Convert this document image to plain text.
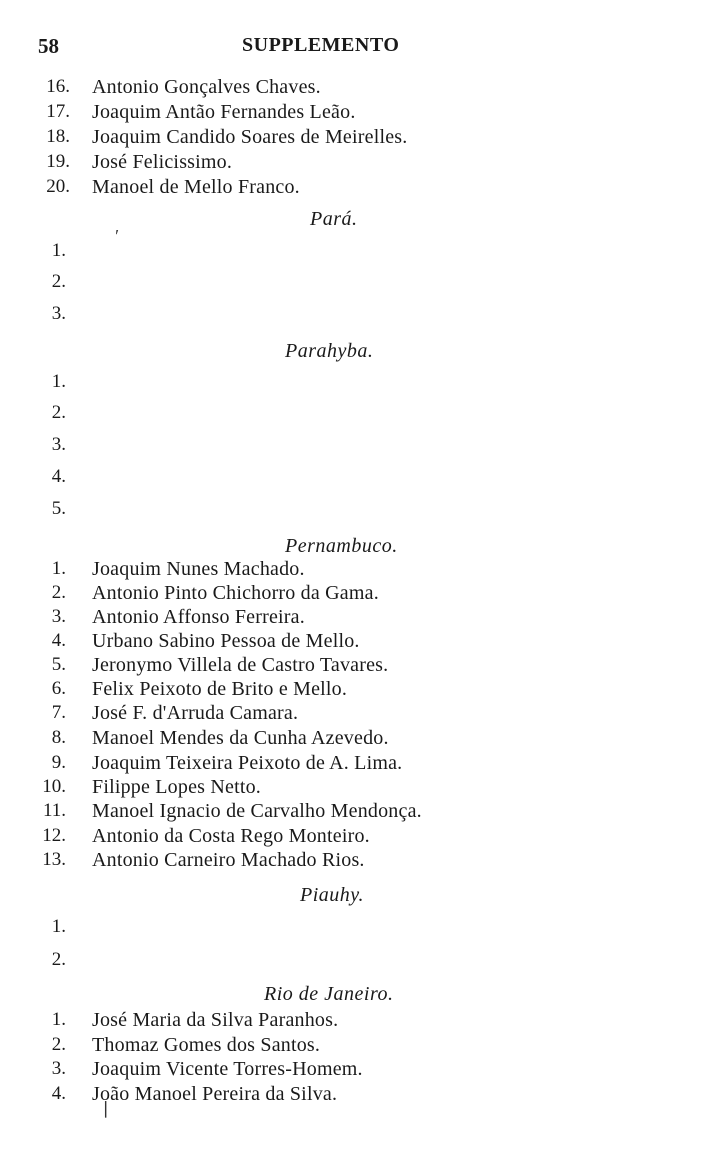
58	SUPPLEMENTO
16. Antonio Gonçalves Chaves.
17. Joaquim Antão Fernandes Leão.
18. Joaquim Candido Soares de Meirelles.
19. José Felicissimo.
20. Manoel de Mello Franco.
Pará.
′
1.
2.
3.
Parahyba.
1.
2.
3.
4.
5.
Pernambuco.
1. Joaquim Nunes Machado.
2. Antonio Pinto Chichorro da Gama.
3. Antonio Affonso Ferreira.
4. Urbano Sabino Pessoa de Mello.
5. Jeronymo Villela de Castro Tavares.
6. Felix Peixoto de Brito e Mello.
7. José F. d'Arruda Camara.
8. Manoel Mendes da Cunha Azevedo.
9. Joaquim Teixeira Peixoto de A. Lima.
10. Filippe Lopes Netto.
11. Manoel Ignacio de Carvalho Mendonça.
12. Antonio da Costa Rego Monteiro.
13. Antonio Carneiro Machado Rios.
Piauhy.
1.
2.
Rio de Janeiro.
1. José Maria da Silva Paranhos.
2. Thomaz Gomes dos Santos.
3. Joaquim Vicente Torres-Homem.
4. João Manoel Pereira da Silva.
∣
